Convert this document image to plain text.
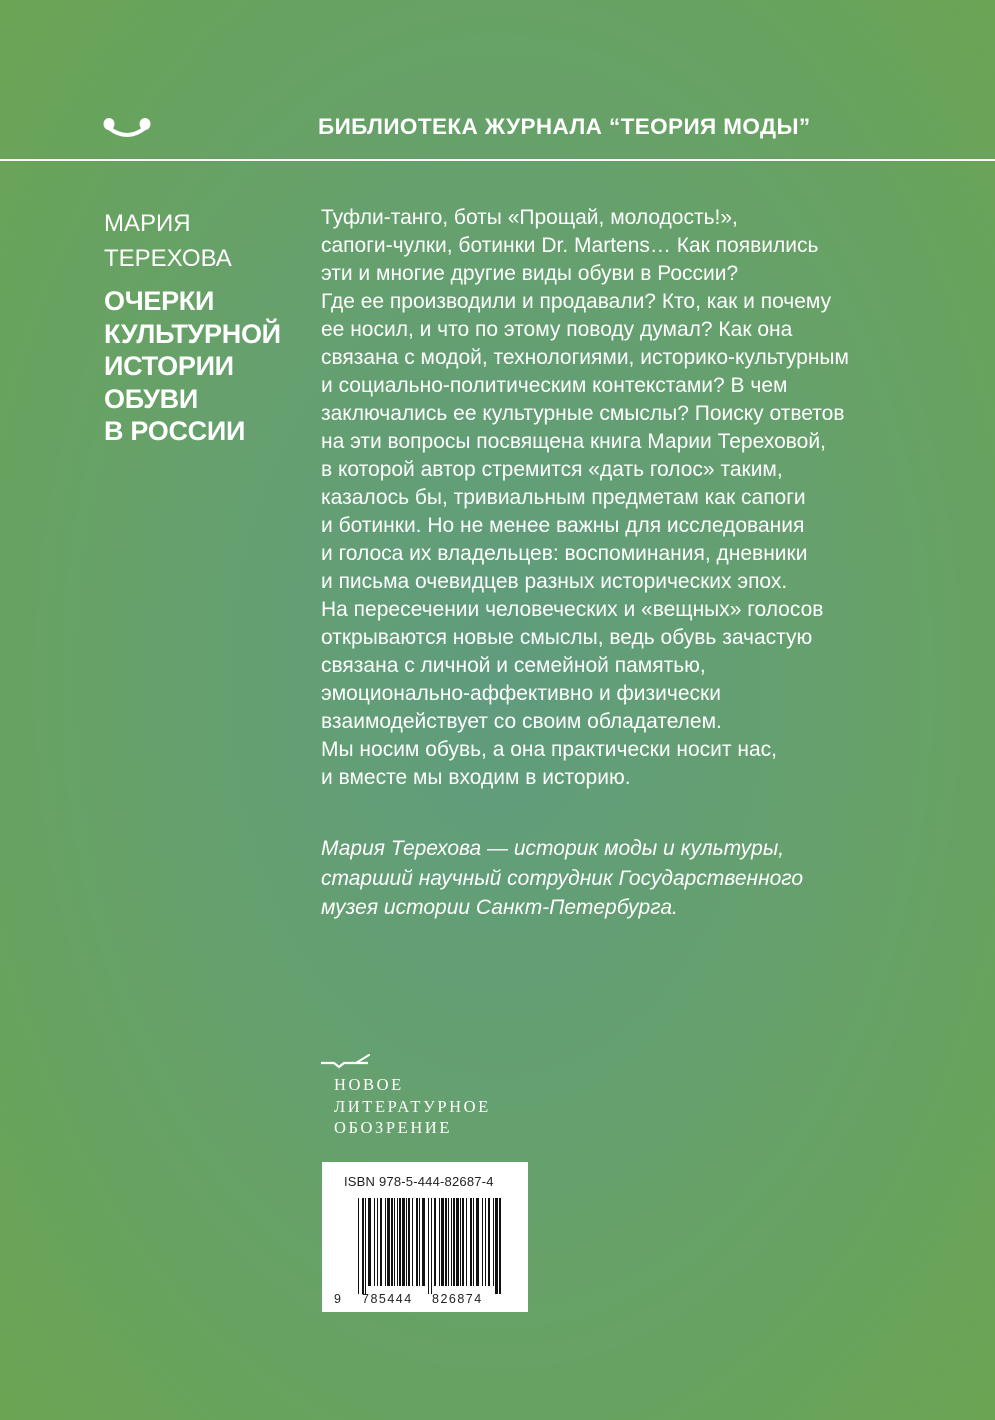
БИБЛИОТЕКА ЖУРНАЛА “ТЕОРИЯ МОДЫ”
МАРИЯ
ТЕРЕХОВА
ОЧЕРКИ
КУЛЬТУРНОЙ
ИСТОРИИ
ОБУВИ
В РОССИИ
Туфли-танго, боты «Прощай, молодость!»,
сапоги-чулки, ботинки Dr. Martens… Как появились
эти и многие другие виды обуви в России?
Где ее производили и продавали? Кто, как и почему
ее носил, и что по этому поводу думал? Как она
связана с модой, технологиями, историко-культурным
и социально-политическим контекстами? В чем
заключались ее культурные смыслы? Поиску ответов
на эти вопросы посвящена книга Марии Тереховой,
в которой автор стремится «дать голос» таким,
казалось бы, тривиальным предметам как сапоги
и ботинки. Но не менее важны для исследования
и голоса их владельцев: воспоминания, дневники
и письма очевидцев разных исторических эпох.
На пересечении человеческих и «вещных» голосов
открываются новые смыслы, ведь обувь зачастую
связана с личной и семейной памятью,
эмоционально-аффективно и физически
взаимодействует со своим обладателем.
Мы носим обувь, а она практически носит нас,
и вместе мы входим в историю.
Мария Терехова — историк моды и культуры,
старший научный сотрудник Государственного
музея истории Санкт-Петербурга.
НОВОЕ
ЛИТЕРАТУРНОЕ
ОБОЗРЕНИЕ
ISBN 978-5-444-82687-4
9 785444 826874
